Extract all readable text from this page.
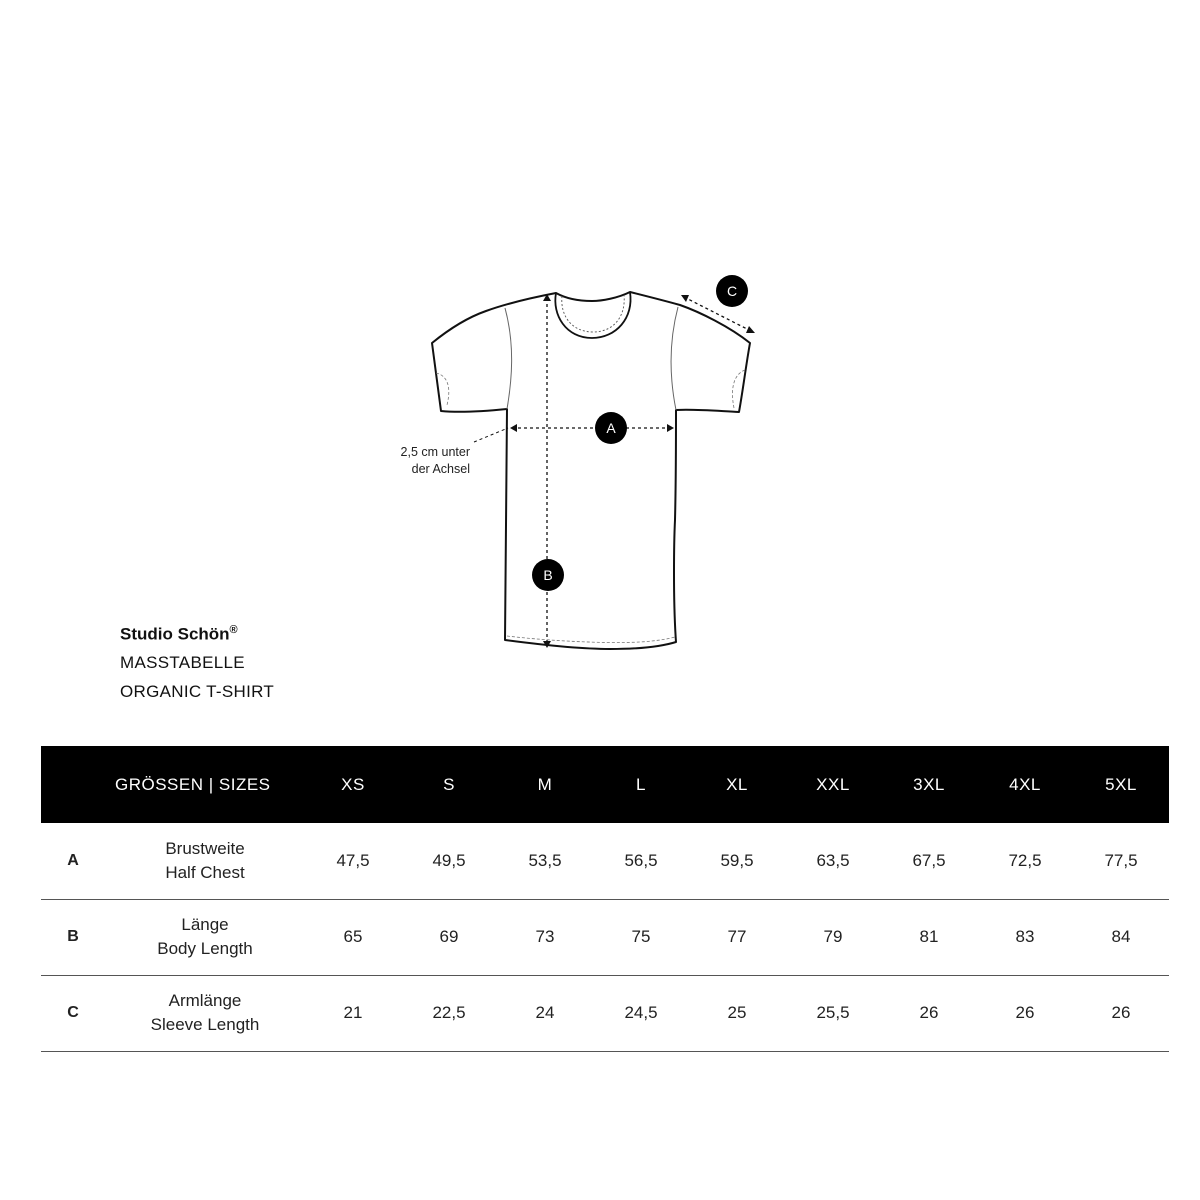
A
B
C
2,5 cm unter
der Achsel
Studio Schön®
MASSTABELLE
ORGANIC T-SHIRT
	GRÖSSEN | SIZES	XS	S	M	L	XL	XXL	3XL	4XL	5XL
A	Brustweite
Half Chest	47,5	49,5	53,5	56,5	59,5	63,5	67,5	72,5	77,5
B	Länge
Body Length	65	69	73	75	77	79	81	83	84
C	Armlänge
Sleeve Length	21	22,5	24	24,5	25	25,5	26	26	26
